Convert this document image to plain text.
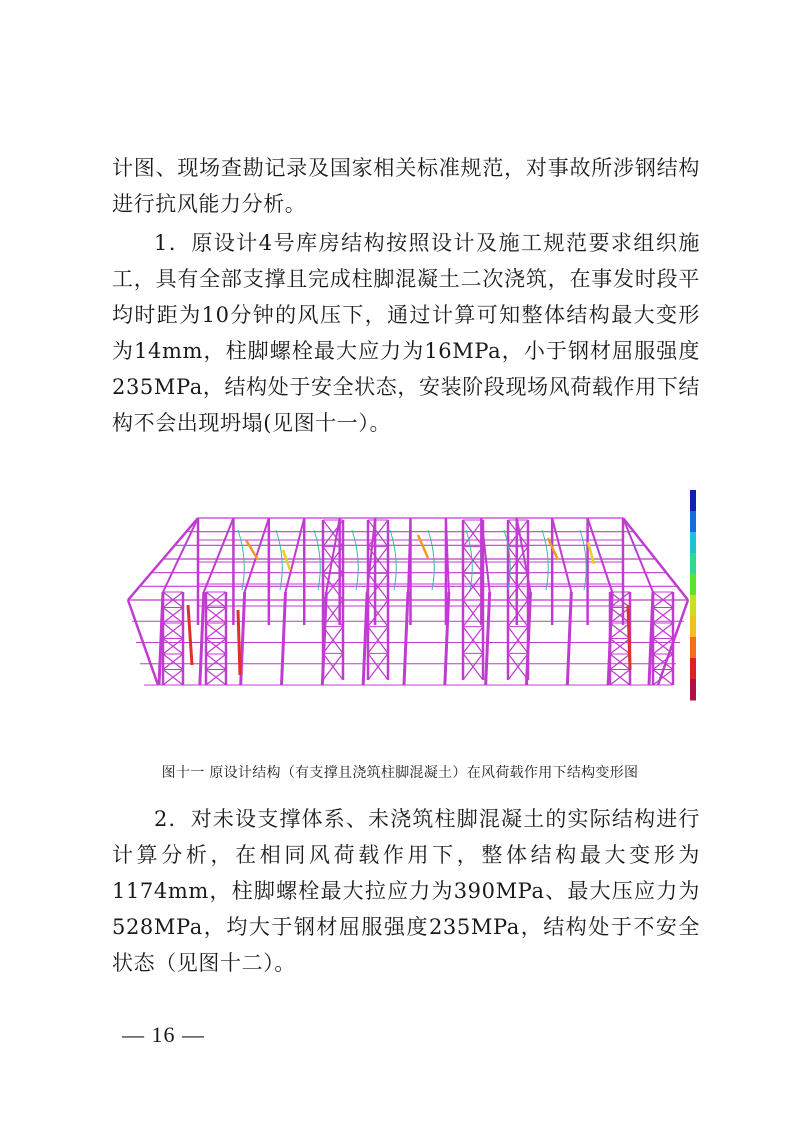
计图、现场查勘记录及国家相关标准规范，对事故所涉钢结构进行抗风能力分析。

1．原设计4号库房结构按照设计及施工规范要求组织施工，具有全部支撑且完成柱脚混凝土二次浇筑，在事发时段平均时距为10分钟的风压下，通过计算可知整体结构最大变形为14mm，柱脚螺栓最大应力为16MPa，小于钢材屈服强度235MPa，结构处于安全状态，安装阶段现场风荷载作用下结构不会出现坍塌(见图十一）。

图十一 原设计结构（有支撑且浇筑柱脚混凝土）在风荷载作用下结构变形图

2．对未设支撑体系、未浇筑柱脚混凝土的实际结构进行计算分析，在相同风荷载作用下，整体结构最大变形为1174mm，柱脚螺栓最大拉应力为390MPa、最大压应力为528MPa，均大于钢材屈服强度235MPa，结构处于不安全状态（见图十二）。

— 16 —
